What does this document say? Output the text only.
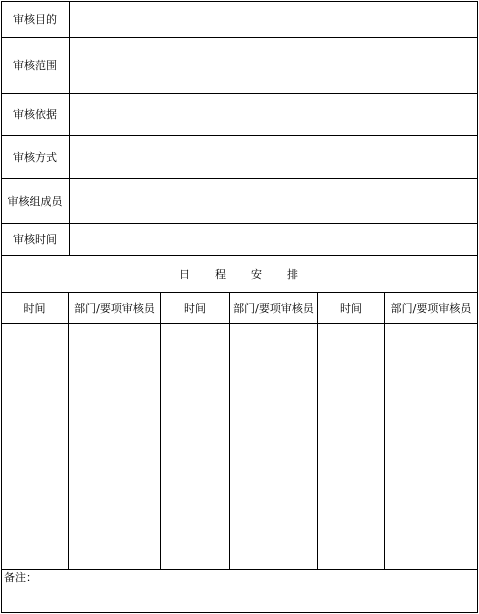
审核目的
审核范围
审核依据
审核方式
审核组成员
审核时间
日　　程　　安　　排
时间	部门/要项审核员	时间	部门/要项审核员	时间	部门/要项审核员
备注：
